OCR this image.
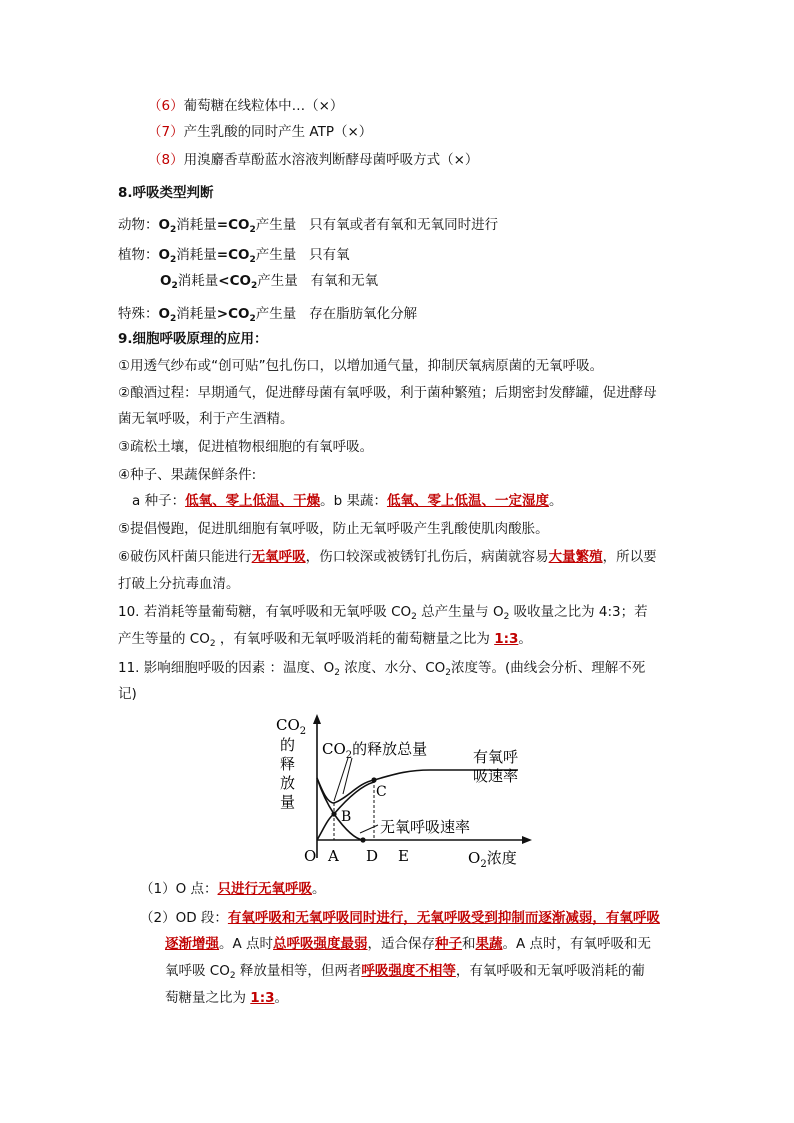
（6）葡萄糖在线粒体中…（×）
（7）产生乳酸的同时产生 ATP（×）
（8）用溴麝香草酚蓝水溶液判断酵母菌呼吸方式（×）
8.呼吸类型判断
动物：$O_2$消耗量$=CO_2$产生量 只有氧或者有氧和无氧同时进行
植物：$O_2$消耗量$=CO_2$产生量 只有氧
$O_2$消耗量$<CO_2$产生量 有氧和无氧
特殊：$O_2$消耗量$>CO_2$产生量 存在脂肪氧化分解
9.细胞呼吸原理的应用：
①用透气纱布或“创可贴”包扎伤口，以增加通气量，抑制厌氧病原菌的无氧呼吸。
②酿酒过程：早期通气，促进酵母菌有氧呼吸，利于菌种繁殖；后期密封发酵罐，促进酵母
菌无氧呼吸，利于产生酒精。
③疏松土壤，促进植物根细胞的有氧呼吸。
④种子、果蔬保鲜条件:
a 种子：低氧、零上低温、干燥。b 果蔬：低氧、零上低温、一定湿度。
⑤提倡慢跑，促进肌细胞有氧呼吸，防止无氧呼吸产生乳酸使肌肉酸胀。
⑥破伤风杆菌只能进行无氧呼吸，伤口较深或被锈钉扎伤后，病菌就容易大量繁殖，所以要
打破上分抗毒血清。
10. 若消耗等量葡萄糖，有氧呼吸和无氧呼吸 $CO_2$ 总产生量与 $O_2$ 吸收量之比为 4:3；若
产生等量的 $CO_2$ ，有氧呼吸和无氧呼吸消耗的葡萄糖量之比为 1:3。
11. 影响细胞呼吸的因素 ：温度、$O_2$ 浓度、水分、$CO_2$浓度等。(曲线会分析、理解不死
记)
$CO_2$
的
释
放
量
$CO_2$的释放总量	有氧呼
吸速率
无氧呼吸速率
B
C
O A D E	$O_2$浓度
（1）O 点：只进行无氧呼吸。
（2）OD 段：有氧呼吸和无氧呼吸同时进行，无氧呼吸受到抑制而逐渐减弱，有氧呼吸
逐渐增强。A 点时总呼吸强度最弱，适合保存种子和果蔬。A 点时，有氧呼吸和无
氧呼吸 $CO_2$ 释放量相等，但两者呼吸强度不相等，有氧呼吸和无氧呼吸消耗的葡
萄糖量之比为 1:3。
